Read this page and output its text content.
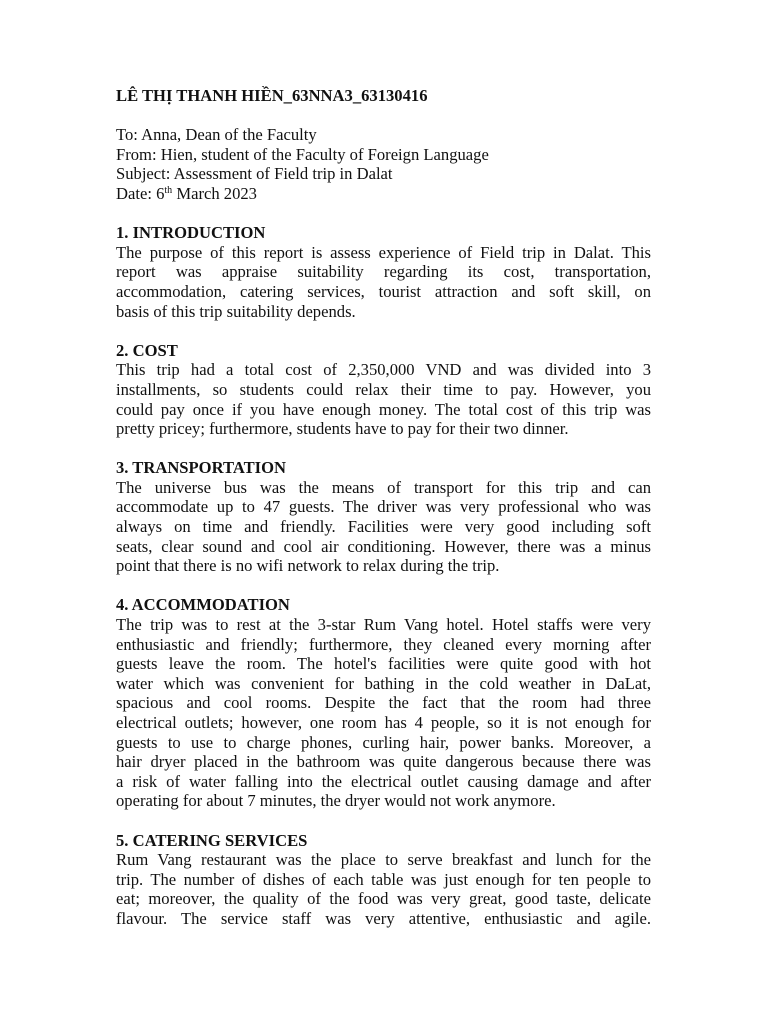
LÊ THỊ THANH HIỀN_63NNA3_63130416
To: Anna, Dean of the Faculty
From: Hien, student of the Faculty of Foreign Language
Subject: Assessment of Field trip in Dalat
Date: 6th March 2023
1. INTRODUCTION
The purpose of this report is assess experience of Field trip in Dalat. This
report was appraise suitability regarding its cost, transportation,
accommodation, catering services, tourist attraction and soft skill, on
basis of this trip suitability depends.
2. COST
This trip had a total cost of 2,350,000 VND and was divided into 3
installments, so students could relax their time to pay. However, you
could pay once if you have enough money. The total cost of this trip was
pretty pricey; furthermore, students have to pay for their two dinner.
3. TRANSPORTATION
The universe bus was the means of transport for this trip and can
accommodate up to 47 guests. The driver was very professional who was
always on time and friendly. Facilities were very good including soft
seats, clear sound and cool air conditioning. However, there was a minus
point that there is no wifi network to relax during the trip.
4. ACCOMMODATION
The trip was to rest at the 3-star Rum Vang hotel. Hotel staffs were very
enthusiastic and friendly; furthermore, they cleaned every morning after
guests leave the room. The hotel's facilities were quite good with hot
water which was convenient for bathing in the cold weather in DaLat,
spacious and cool rooms. Despite the fact that the room had three
electrical outlets; however, one room has 4 people, so it is not enough for
guests to use to charge phones, curling hair, power banks. Moreover, a
hair dryer placed in the bathroom was quite dangerous because there was
a risk of water falling into the electrical outlet causing damage and after
operating for about 7 minutes, the dryer would not work anymore.
5. CATERING SERVICES
Rum Vang restaurant was the place to serve breakfast and lunch for the
trip. The number of dishes of each table was just enough for ten people to
eat; moreover, the quality of the food was very great, good taste, delicate
flavour. The service staff was very attentive, enthusiastic and agile.
